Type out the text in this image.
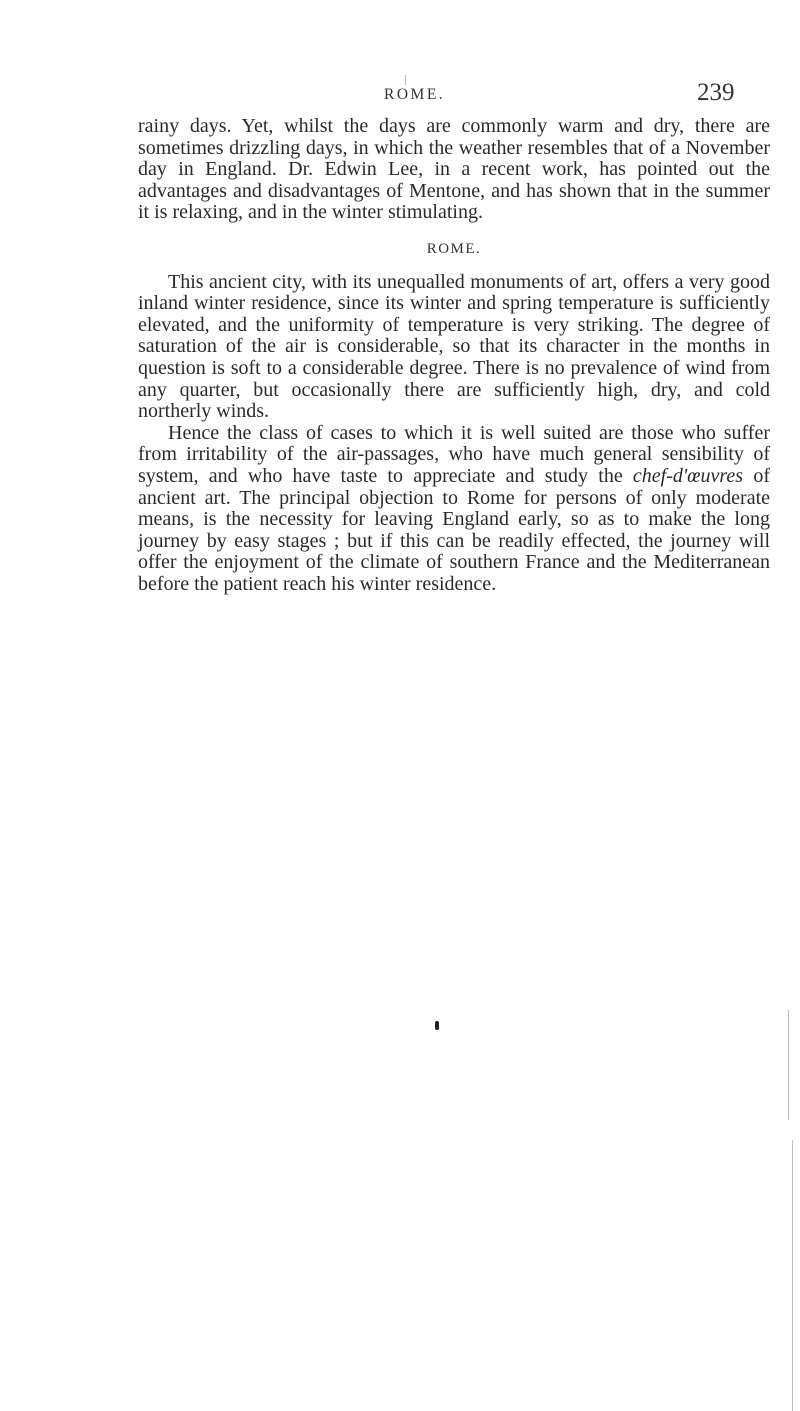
ROME.	239

rainy days. Yet, whilst the days are commonly warm and dry, there are sometimes drizzling days, in which the weather resembles that of a November day in England. Dr. Edwin Lee, in a recent work, has pointed out the advantages and disadvantages of Mentone, and has shown that in the summer it is relaxing, and in the winter stimulating.

ROME.

This ancient city, with its unequalled monuments of art, offers a very good inland winter residence, since its winter and spring temperature is sufficiently elevated, and the uniformity of temperature is very striking. The degree of saturation of the air is considerable, so that its character in the months in question is soft to a considerable degree. There is no prevalence of wind from any quarter, but occasionally there are sufficiently high, dry, and cold northerly winds.

Hence the class of cases to which it is well suited are those who suffer from irritability of the air-passages, who have much general sensibility of system, and who have taste to appreciate and study the chef-d'œuvres of ancient art. The principal objection to Rome for persons of only moderate means, is the necessity for leaving England early, so as to make the long journey by easy stages ; but if this can be readily effected, the journey will offer the enjoyment of the climate of southern France and the Mediterranean before the patient reach his winter residence.
